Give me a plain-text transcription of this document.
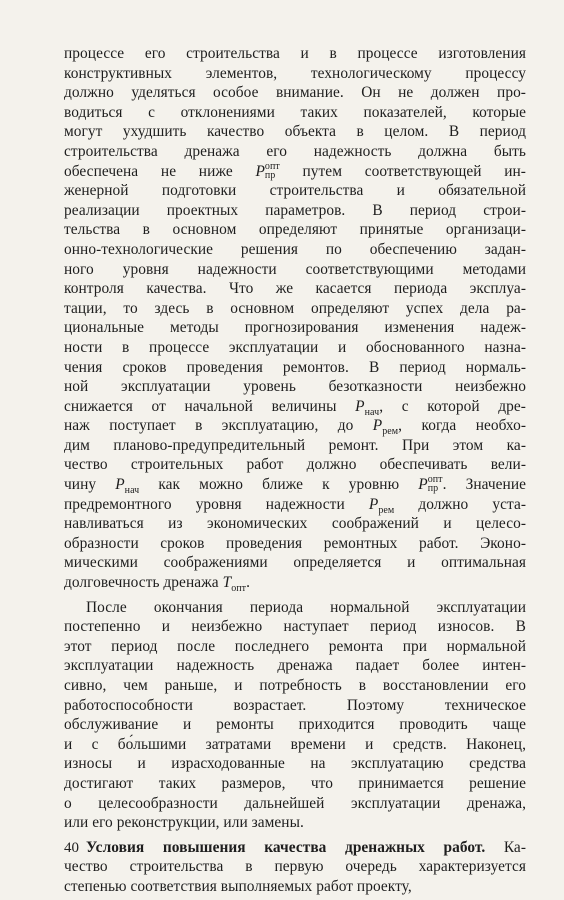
процессе его строительства и в процессе изготовления
конструктивных элементов, технологическому процессу
должно уделяться особое внимание. Он не должен про-
водиться с отклонениями таких показателей, которые
могут ухудшить качество объекта в целом. В период
строительства дренажа его надежность должна быть
обеспечена не ниже P опт
пр путем соответствующей ин-
женерной подготовки строительства и обязательной
реализации проектных параметров. В период строи-
тельства в основном определяют принятые организаци-
онно-технологические решения по обеспечению задан-
ного уровня надежности соответствующими методами
контроля качества. Что же касается периода эксплуа-
тации, то здесь в основном определяют успех дела ра-
циональные методы прогнозирования изменения надеж-
ности в процессе эксплуатации и обоснованного назна-
чения сроков проведения ремонтов. В период нормаль-
ной эксплуатации уровень безотказности неизбежно
снижается от начальной величины $P_{нач}$, с которой дре-
наж поступает в эксплуатацию, до $P_{рем}$, когда необхо-
дим планово-предупредительный ремонт. При этом ка-
чество строительных работ должно обеспечивать вели-
чину $P_{нач}$ как можно ближе к уровню P опт
пр . Значение
предремонтного уровня надежности $P_{рем}$ должно уста-
навливаться из экономических соображений и целесо-
образности сроков проведения ремонтных работ. Эконо-
мическими соображениями определяется и оптимальная
долговечность дренажа $T_{опт}$.
После окончания периода нормальной эксплуатации
постепенно и неизбежно наступает период износов. В
этот период после последнего ремонта при нормальной
эксплуатации надежность дренажа падает более интен-
сивно, чем раньше, и потребность в восстановлении его
работоспособности возрастает. Поэтому техническое
обслуживание и ремонты приходится проводить чаще
и с бо́льшими затратами времени и средств. Наконец,
износы и израсходованные на эксплуатацию средства
достигают таких размеров, что принимается решение
о целесообразности дальнейшей эксплуатации дренажа,
или его реконструкции, или замены.
Условия повышения качества дренажных работ. Ка-
чество строительства в первую очередь характеризуется
степенью соответствия выполняемых работ проекту,
40
